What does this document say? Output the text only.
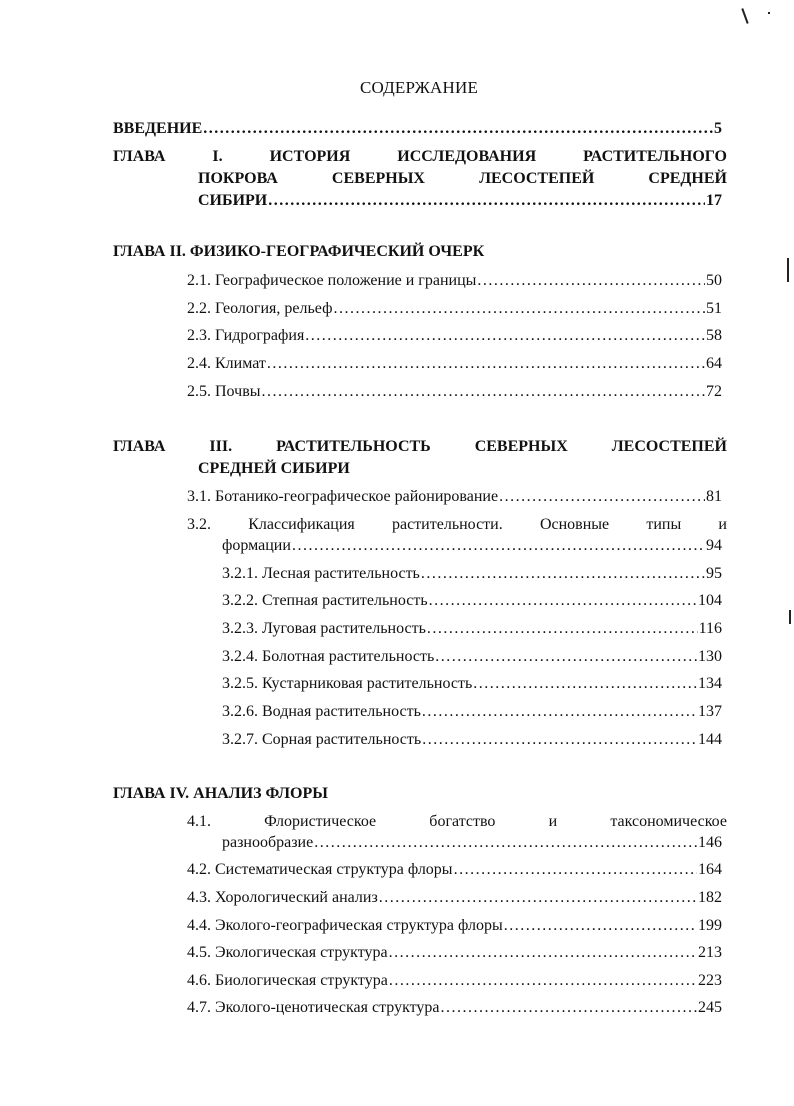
СОДЕРЖАНИЕ
ВВЕДЕНИЕ .....	5
ГЛАВА	I.	ИСТОРИЯ	ИССЛЕДОВАНИЯ	РАСТИТЕЛЬНОГО
ПОКРОВА	СЕВЕРНЫХ	ЛЕСОСТЕПЕЙ	СРЕДНЕЙ
СИБИРИ .....	17
ГЛАВА II. ФИЗИКО-ГЕОГРАФИЧЕСКИЙ ОЧЕРК
2.1. Географическое положение и границы .....	50
2.2. Геология, рельеф .....	51
2.3. Гидрография .....	58
2.4. Климат .....	64
2.5. Почвы .....	72
ГЛАВА	III.	РАСТИТЕЛЬНОСТЬ	СЕВЕРНЫХ	ЛЕСОСТЕПЕЙ
СРЕДНЕЙ СИБИРИ
3.1. Ботанико-географическое районирование .....	81
3.2. Классификация растительности. Основные типы и
формации .....	94
3.2.1. Лесная растительность .....	95
3.2.2. Степная растительность .....	104
3.2.3. Луговая растительность .....	116
3.2.4. Болотная растительность .....	130
3.2.5. Кустарниковая растительность .....	134
3.2.6. Водная растительность .....	137
3.2.7. Сорная растительность .....	144
ГЛАВА IV. АНАЛИЗ ФЛОРЫ
4.1.	Флористическое	богатство	и	таксономическое
разнообразие .....	146
4.2. Систематическая структура флоры .....	164
4.3. Хорологический анализ .....	182
4.4. Эколого-географическая структура флоры .....	199
4.5. Экологическая структура .....	213
4.6. Биологическая структура .....	223
4.7. Эколого-ценотическая структура .....	245
